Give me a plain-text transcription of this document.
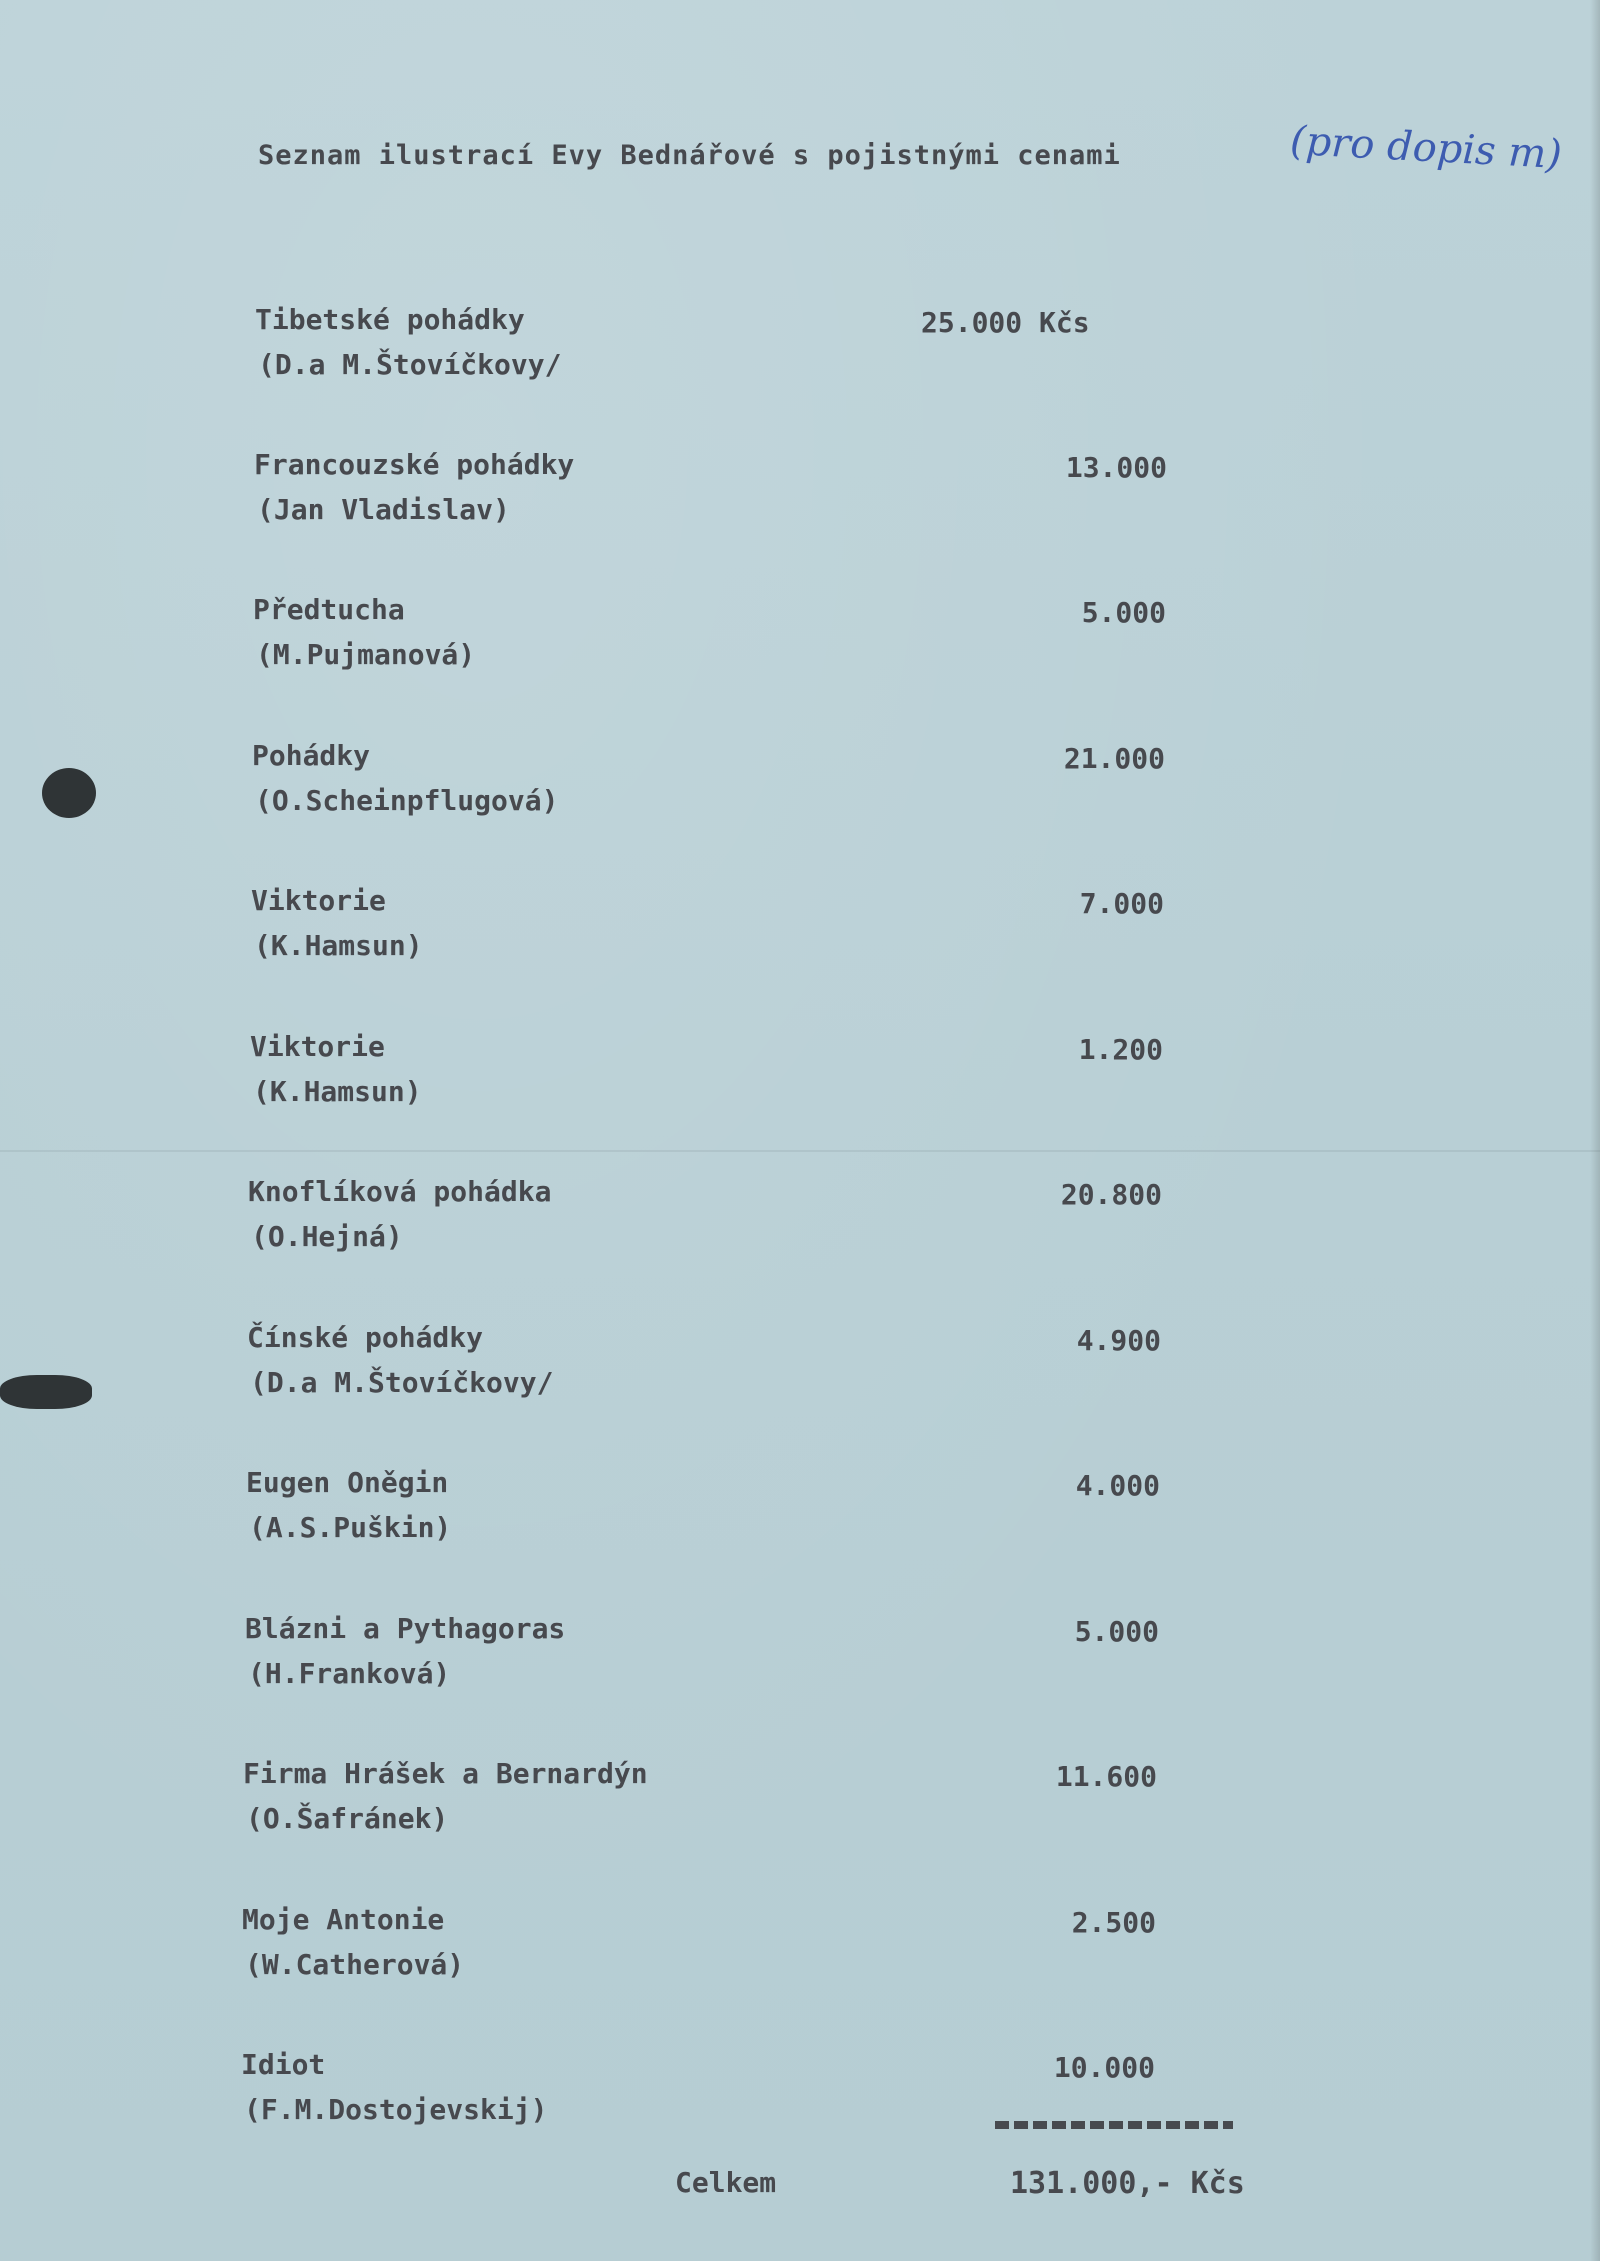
Seznam ilustrací Evy Bednářové s pojistnými cenami	(pro dopis m)
Tibetské pohádky
(D.a M.Štovíčkovy/
25.000 Kčs
Francouzské pohádky
(Jan Vladislav)
13.000
Předtucha
(M.Pujmanová)
5.000
Pohádky
(O.Scheinpflugová)
21.000
Viktorie
(K.Hamsun)
7.000
Viktorie
(K.Hamsun)
1.200
Knoflíková pohádka
(O.Hejná)
20.800
Čínské pohádky
(D.a M.Štovíčkovy/
4.900
Eugen Oněgin
(A.S.Puškin)
4.000
Blázni a Pythagoras
(H.Franková)
5.000
Firma Hrášek a Bernardýn
(O.Šafránek)
11.600
Moje Antonie
(W.Catherová)
2.500
Idiot
(F.M.Dostojevskij)
10.000
Celkem	131.000,- Kčs
